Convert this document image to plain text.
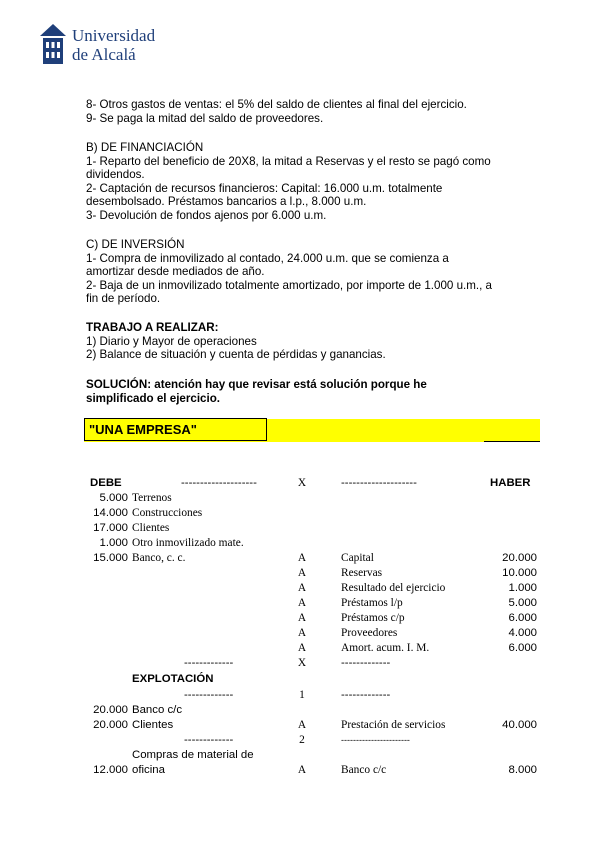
Universidad
de Alcalá

8- Otros gastos de ventas: el 5% del saldo de clientes al final del ejercicio.

9- Se paga la mitad del saldo de proveedores.

B) DE FINANCIACIÓN

1- Reparto del beneficio de 20X8, la mitad a Reservas y el resto se pagó como

dividendos.

2- Captación de recursos financieros: Capital: 16.000 u.m. totalmente

desembolsado. Préstamos bancarios a l.p., 8.000 u.m.

3- Devolución de fondos ajenos por 6.000 u.m.

C) DE INVERSIÓN

1- Compra de inmovilizado al contado, 24.000 u.m. que se comienza a

amortizar desde mediados de año.

2- Baja de un inmovilizado totalmente amortizado, por importe de 1.000 u.m., a

fin de período.

TRABAJO A REALIZAR:

1) Diario y Mayor de operaciones

2) Balance de situación y cuenta de pérdidas y ganancias.

SOLUCIÓN: atención hay que revisar está solución porque he

simplificado el ejercicio.

"UNA EMPRESA"
DEBE	--------------------	X	--------------------	HABER
5.000 Terrenos
14.000 Construcciones
17.000 Clientes
1.000 Otro inmovilizado mate.
15.000 Banco, c. c.	A	Capital	20.000
A	Reservas	10.000
A	Resultado del ejercicio	1.000
A	Préstamos l/p	5.000
A	Préstamos c/p	6.000
A	Proveedores	4.000
A	Amort. acum. I. M.	6.000
-------------	X	-------------
EXPLOTACIÓN
-------------	1	-------------
20.000 Banco c/c
20.000 Clientes	A	Prestación de servicios	40.000
-------------	2	-----------------------
Compras de material de
12.000 oficina	A	Banco c/c	8.000
